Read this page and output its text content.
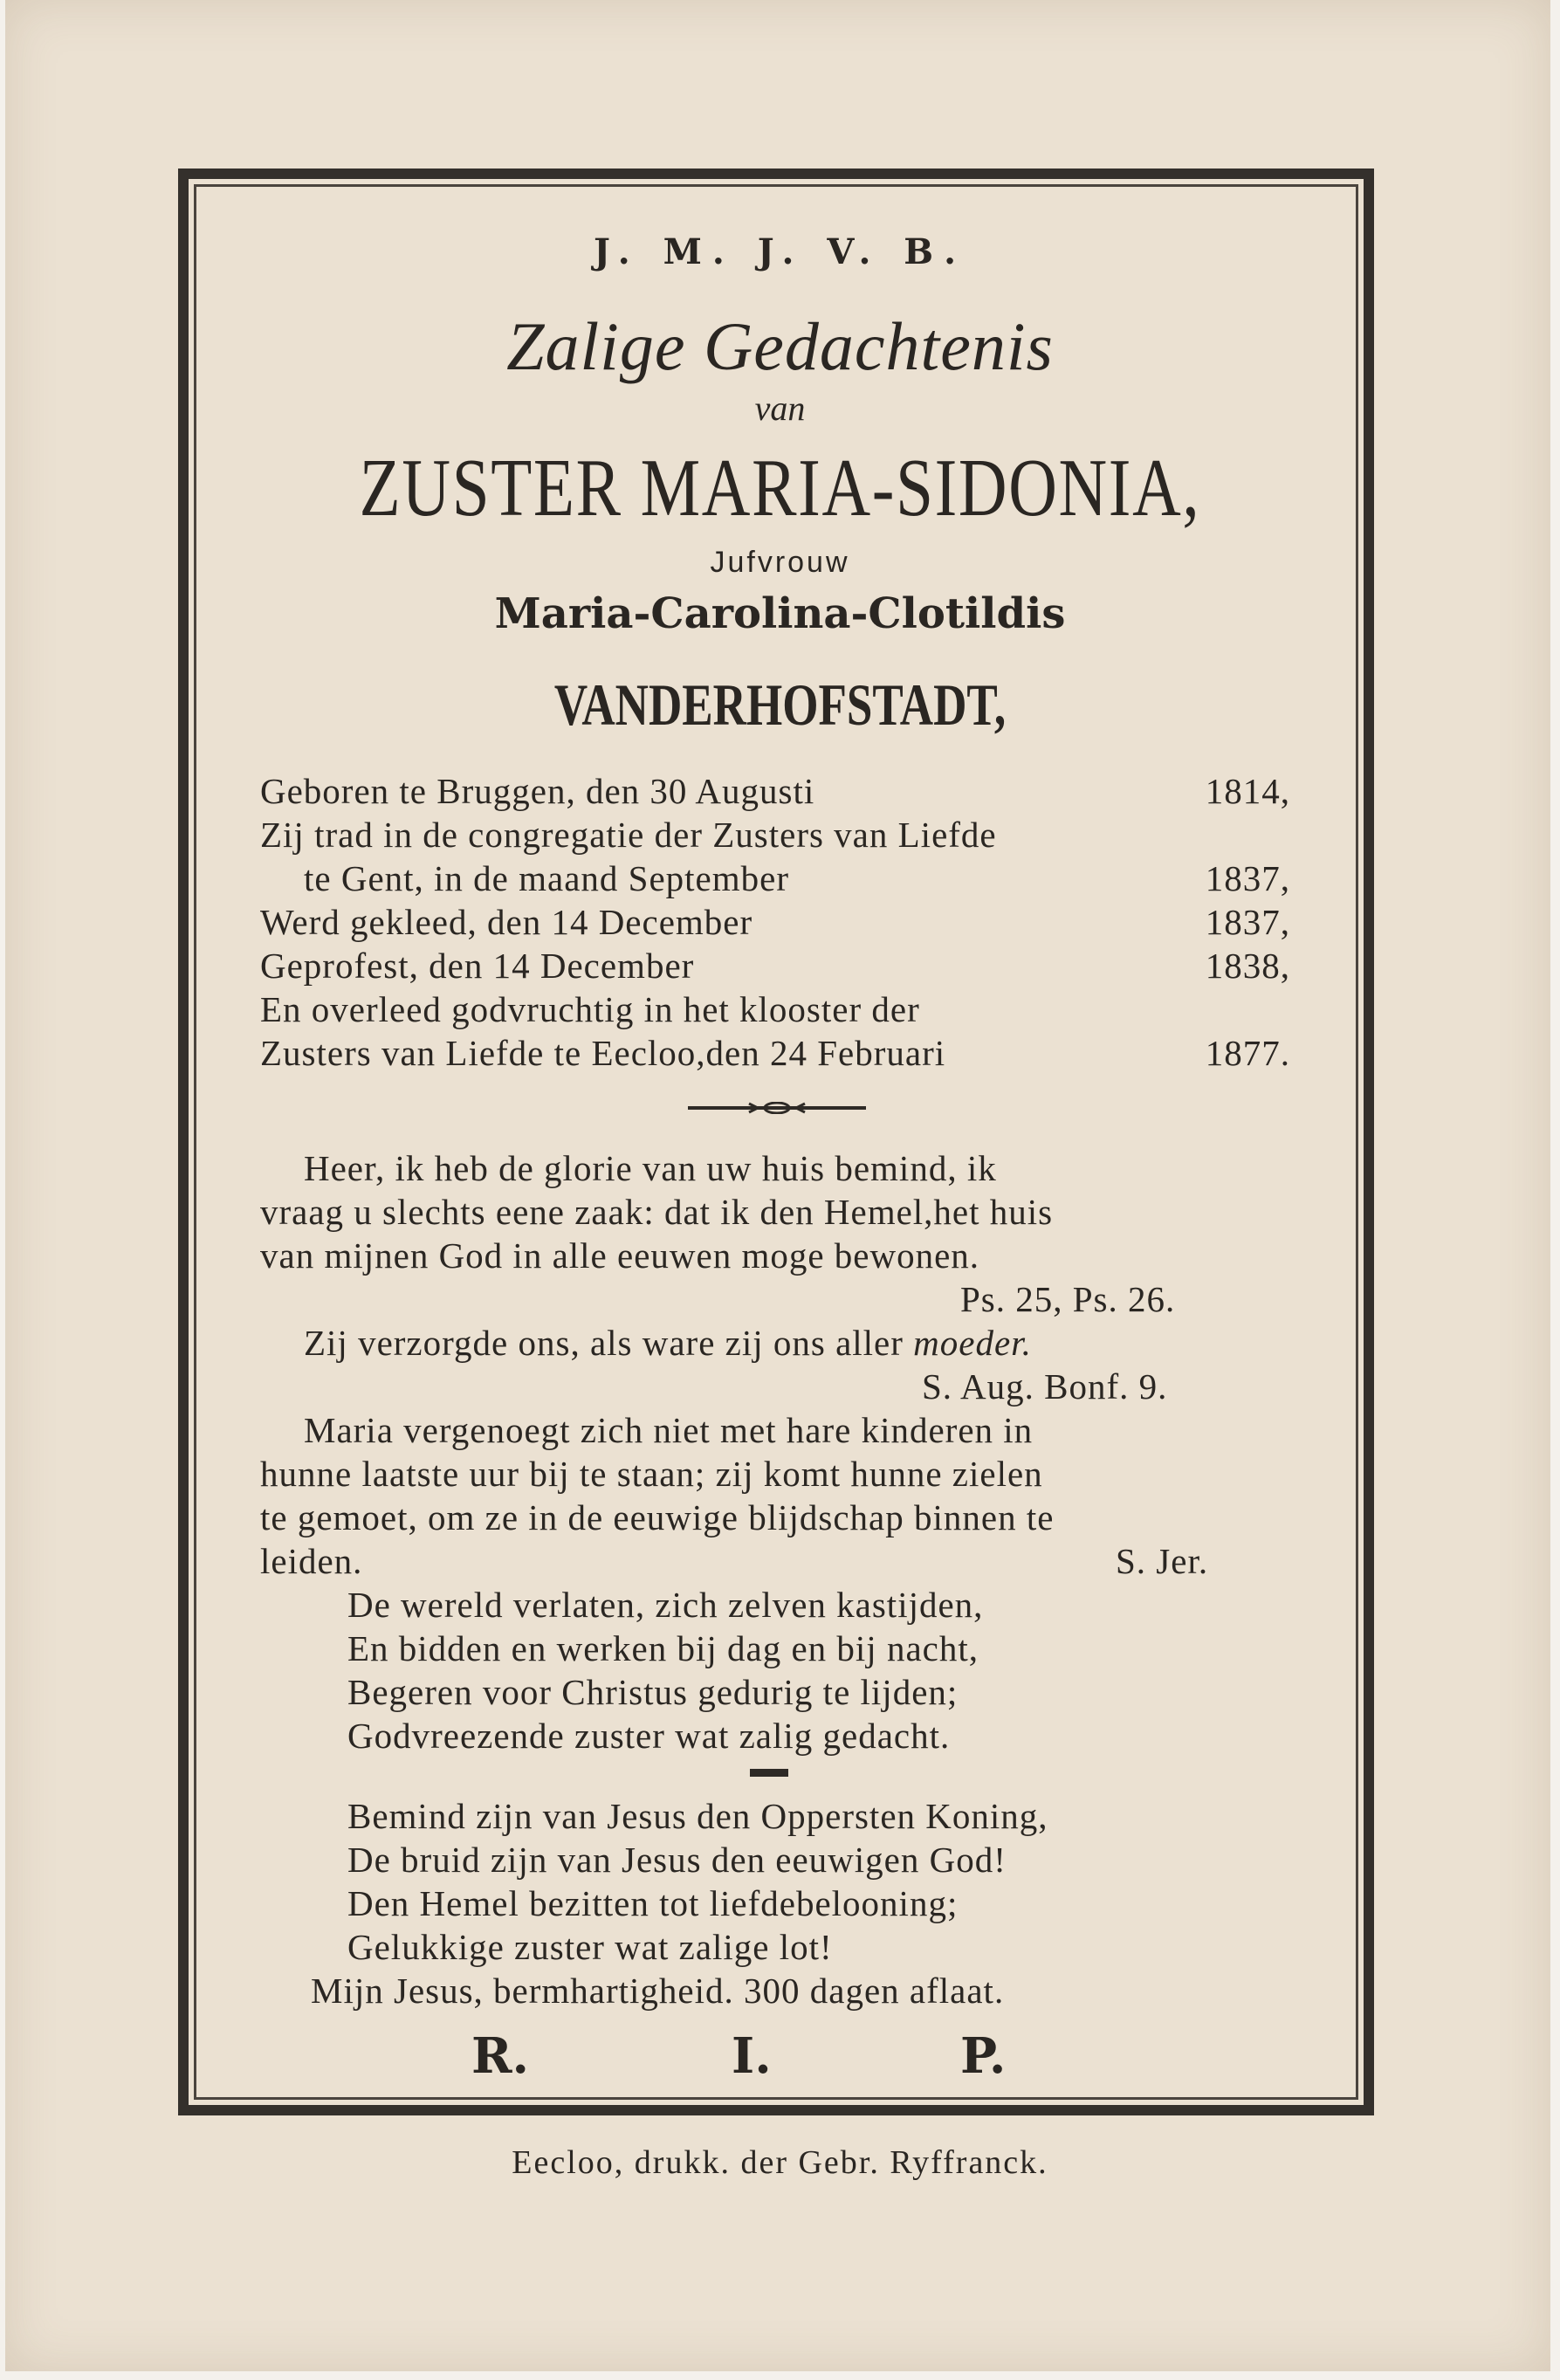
J. M. J. V. B.
Zalige Gedachtenis
van
ZUSTER MARIA-SIDONIA,
Jufvrouw
Maria-Carolina-Clotildis
VANDERHOFSTADT,
Geboren te Bruggen, den 30 Augusti	1814,
Zij trad in de congregatie der Zusters van Liefde
te Gent, in de maand September	1837,
Werd gekleed, den 14 December	1837,
Geprofest, den 14 December	1838,
En overleed godvruchtig in het klooster der
Zusters van Liefde te Eecloo,den 24 Februari	1877.
Heer, ik heb de glorie van uw huis bemind, ik
vraag u slechts eene zaak: dat ik den Hemel,het huis
van mijnen God in alle eeuwen moge bewonen.
Ps. 25, Ps. 26.
Zij verzorgde ons, als ware zij ons aller moeder.
S. Aug. Bonf. 9.
Maria vergenoegt zich niet met hare kinderen in
hunne laatste uur bij te staan; zij komt hunne zielen
te gemoet, om ze in de eeuwige blijdschap binnen te
leiden.	S. Jer.
De wereld verlaten, zich zelven kastijden,
En bidden en werken bij dag en bij nacht,
Begeren voor Christus gedurig te lijden;
Godvreezende zuster wat zalig gedacht.
Bemind zijn van Jesus den Oppersten Koning,
De bruid zijn van Jesus den eeuwigen God!
Den Hemel bezitten tot liefdebelooning;
Gelukkige zuster wat zalige lot!
Mijn Jesus, bermhartigheid. 300 dagen aflaat.
R.	I.	P.
Eecloo, drukk. der Gebr. Ryffranck.
